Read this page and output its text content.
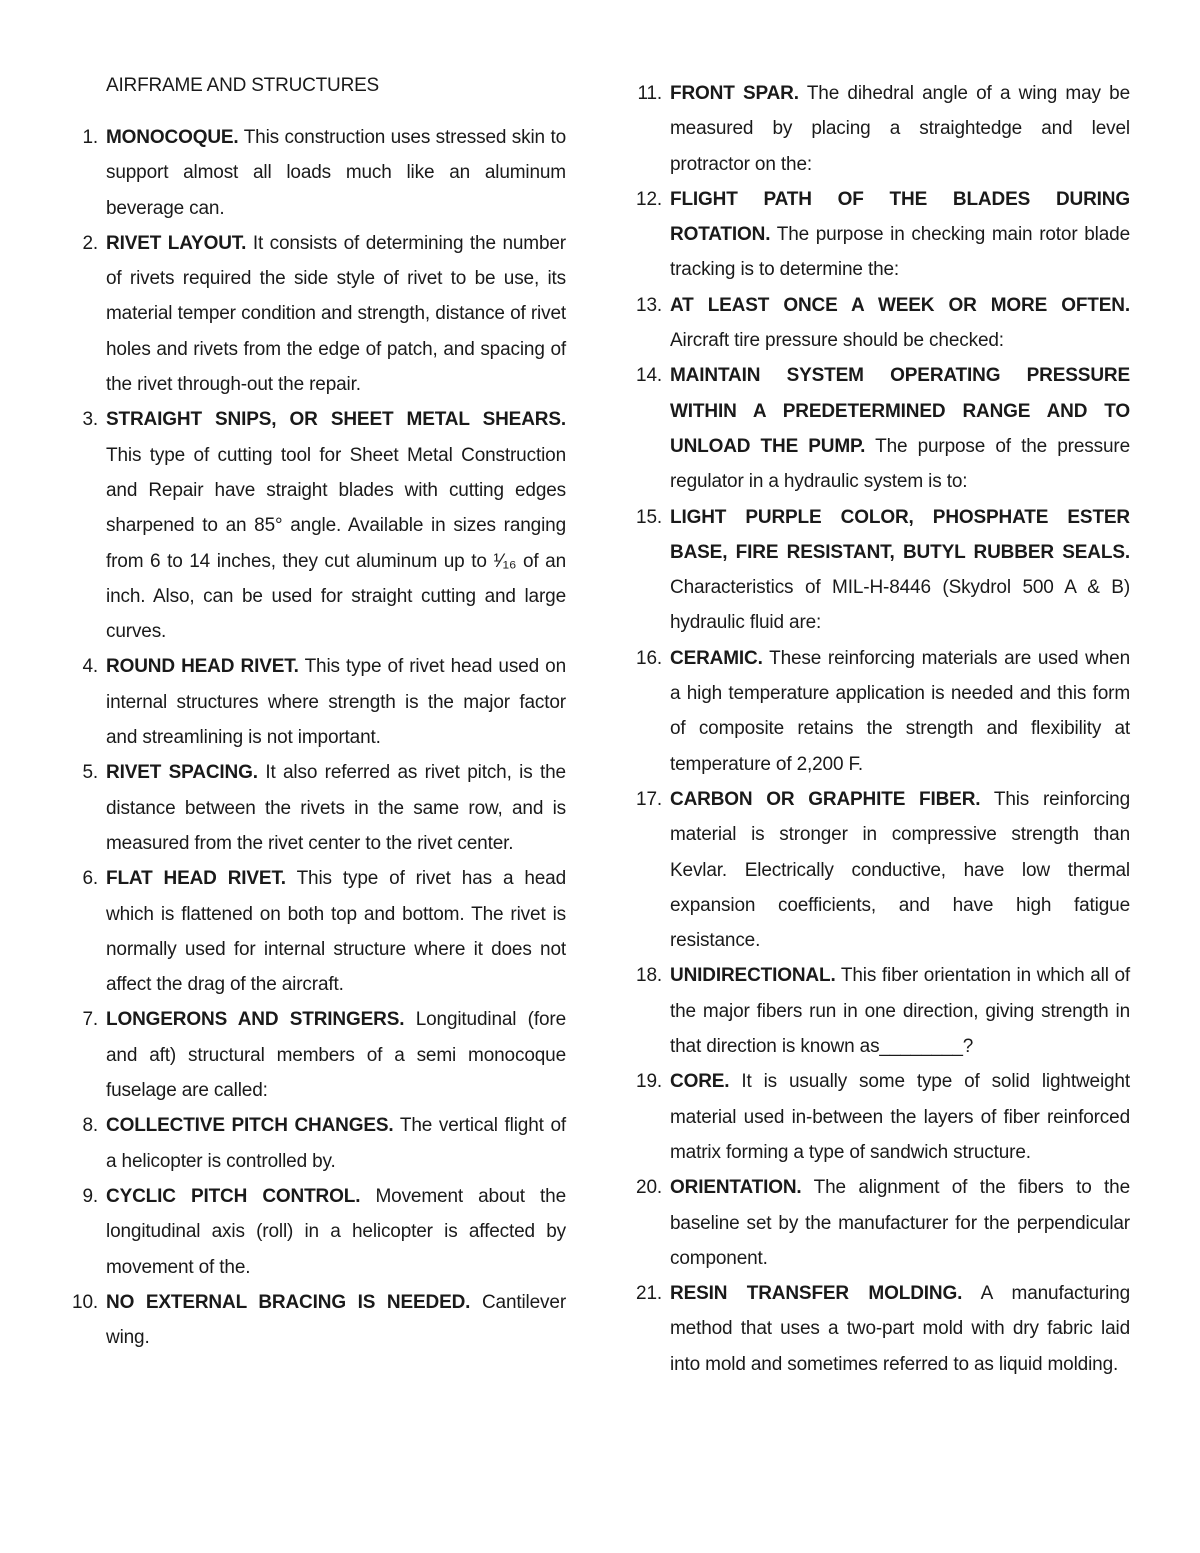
AIRFRAME AND STRUCTURES
1. MONOCOQUE. This construction uses stressed skin to support almost all loads much like an aluminum beverage can.
2. RIVET LAYOUT. It consists of determining the number of rivets required the side style of rivet to be use, its material temper condition and strength, distance of rivet holes and rivets from the edge of patch, and spacing of the rivet through-out the repair.
3. STRAIGHT SNIPS, OR SHEET METAL SHEARS. This type of cutting tool for Sheet Metal Construction and Repair have straight blades with cutting edges sharpened to an 85° angle. Available in sizes ranging from 6 to 14 inches, they cut aluminum up to ¹⁄₁₆ of an inch. Also, can be used for straight cutting and large curves.
4. ROUND HEAD RIVET. This type of rivet head used on internal structures where strength is the major factor and streamlining is not important.
5. RIVET SPACING. It also referred as rivet pitch, is the distance between the rivets in the same row, and is measured from the rivet center to the rivet center.
6. FLAT HEAD RIVET. This type of rivet has a head which is flattened on both top and bottom. The rivet is normally used for internal structure where it does not affect the drag of the aircraft.
7. LONGERONS AND STRINGERS. Longitudinal (fore and aft) structural members of a semi monocoque fuselage are called:
8. COLLECTIVE PITCH CHANGES. The vertical flight of a helicopter is controlled by.
9. CYCLIC PITCH CONTROL. Movement about the longitudinal axis (roll) in a helicopter is affected by movement of the.
10. NO EXTERNAL BRACING IS NEEDED. Cantilever wing.
11. FRONT SPAR. The dihedral angle of a wing may be measured by placing a straightedge and level protractor on the:
12. FLIGHT PATH OF THE BLADES DURING ROTATION. The purpose in checking main rotor blade tracking is to determine the:
13. AT LEAST ONCE A WEEK OR MORE OFTEN. Aircraft tire pressure should be checked:
14. MAINTAIN SYSTEM OPERATING PRESSURE WITHIN A PREDETERMINED RANGE AND TO UNLOAD THE PUMP. The purpose of the pressure regulator in a hydraulic system is to:
15. LIGHT PURPLE COLOR, PHOSPHATE ESTER BASE, FIRE RESISTANT, BUTYL RUBBER SEALS. Characteristics of MIL-H-8446 (Skydrol 500 A & B) hydraulic fluid are:
16. CERAMIC. These reinforcing materials are used when a high temperature application is needed and this form of composite retains the strength and flexibility at temperature of 2,200 F.
17. CARBON OR GRAPHITE FIBER. This reinforcing material is stronger in compressive strength than Kevlar. Electrically conductive, have low thermal expansion coefficients, and have high fatigue resistance.
18. UNIDIRECTIONAL. This fiber orientation in which all of the major fibers run in one direction, giving strength in that direction is known as________?
19. CORE. It is usually some type of solid lightweight material used in-between the layers of fiber reinforced matrix forming a type of sandwich structure.
20. ORIENTATION. The alignment of the fibers to the baseline set by the manufacturer for the perpendicular component.
21. RESIN TRANSFER MOLDING. A manufacturing method that uses a two-part mold with dry fabric laid into mold and sometimes referred to as liquid molding.
